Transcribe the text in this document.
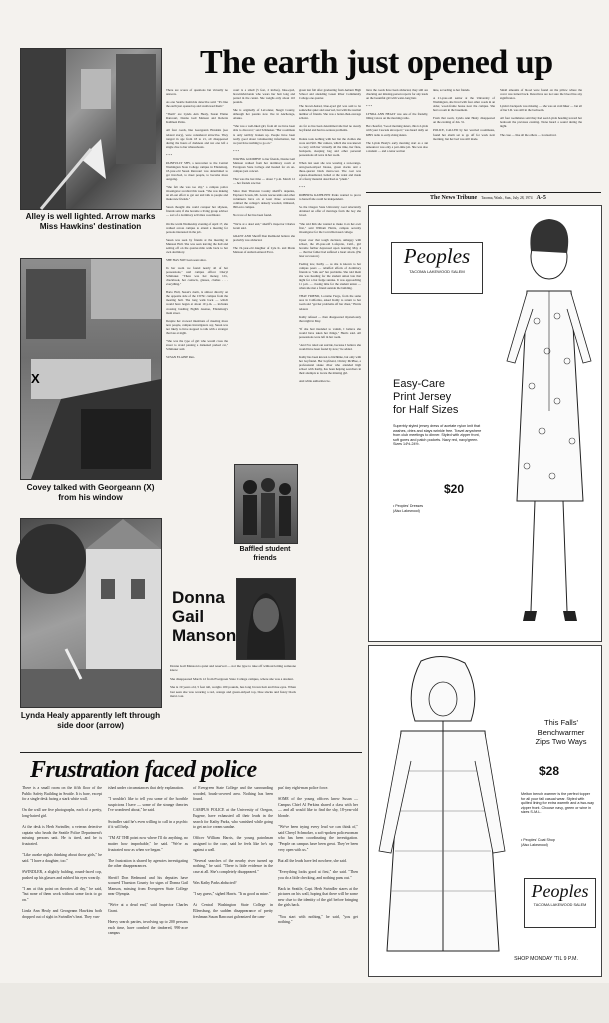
The earth just opened up
Alley is well lighted. Arrow marks Miss Hawkins' destination
X
Covey talked with Georgeann (X) from his window
Lynda Healy apparently left through side door (arrow)
There are scores of questions but virtually no answers.

As one Seattle homicide detective said: "It's like the earth just opened up and swallowed them."

"Them" are Lynda Ann Healy, Susan Elaine Rancourt, Donna Gail Manson and Roberta Kathleen Parks.

All four coeds, like Georgeann Hawkins (see related story), were considered attractive. They ranged in age from 18 to 21, all disappeared during the hours of darkness and not one left a single clue to her whereabouts.

* * *

PAINFULLY SHY, a newcomer to the Central Washington State College campus in Ellensburg, 18-year-old Susan Rancourt was determined to get involved, to meet people, to become more outgoing.

"She felt she was too shy," a campus police investigator recalled this week. "She was making an all-out effort to get out and talk to people and make new friends."

Susan thought she could conquer her shyness, friends said, if she became a living group advisor — sort of a dormitory activities coordinator.

On the warm Wednesday evening of April 17, she walked across campus to attend a meeting for persons interested in the job.

Susan was seen by friends at the meeting in Munson Hall. She was seen leaving the hall and setting off on the quarter-mile walk back to her own dormitory.

SHE HAS NOT been seen since.

In her room we found nearly all of her possessions," said campus officer Cheryl Schmoker. "There was her money, I.D., checkbook, her contacts, glasses, clothes . . . everything."

Barto Hall, Susan's dorm, is almost directly on the opposite side of the CWSC campus from the meeting hall. The long walk back — which would have begun at about 10 p.m. — includes crossing bustling Eighth Avenue, Ellensburg's main street.

Despite her avowed intentions of meeting more new people, campus investigators say, Susan was not likely to have stopped to talk with a stranger that late at night.

"She was the type of girl who would cross the street to avoid passing a darkened parked car," Schmoker said.

SUSAN ELAINE Ran-
court is a small (5 feet, 2 inches), blue-eyed, brownish-blonde who wears her hair long and parted in the center. She weighs only about 110 pounds.

She is originally of LaConner, Skagit County, although her parents now live in Anchorage, Alaska.

"She was a well-liked girl, from all we have been able to discover," said Schmoker. "Her roommate is only terribly broken up. People have been really good about volunteering information, but we just have nothing to go on."

* * *

WAVING GOODBYE to her friends, Donna Gail Manson walked from her dormitory room at Evergreen State College and headed for an on-campus jazz concert.

That was the last time — about 7 p.m. March 12 — her friends saw her.

Since then Thurston County sheriff's deputies, Explorer Scouts, Mt. Lewis rescue units and other volunteers have on at least three occasions combed the college's densely wooded, timbered, 990-acre campus.

No trace of her has been found.

"We're at a dead end," sheriff's inspector Charles Grant said.

GRANT AND Sheriff Don Redmond believe she probably was abducted.

The 19-year-old daughter of Lyle K. and Marie Manson of Auburn entered Ever-
Baffled student friends
green last fall after graduating from Auburn High School and attending Green River Community College one quarter.

The brown-haired, blue-eyed girl was said to be somewhat quiet and reserved, but with the normal number of friends. She was a better-than-average scholar.

As far as has been determined she had no steady boyfriend and had no serious problems.

Donna took nothing with her but the clothes she wore and $10. Her camera, which she was known to carry with her virtually all the time, her flute, backpack, sleeping bag and other personal possessions all were in her room.

When last seen she was wearing a red-orange-and-green-striped blouse, green slacks and a three-quarter black maxi-coat. The coat was square-shouldered, belted at the waist and made of a fuzzy material described as "plush."

* * *

ROBERTA KATHLEEN Parks wanted to prove to herself she could be independent.

So the Oregon State University coed reluctantly obtained an offer of marriage from the boy she loved.

"She told him she wanted to make it on her own first," said William Harris, campus security investigator for the Corvallis-based college.

Upset over that tough decision, unhappy with school, the 20-year-old Lafayette, Calif., girl became further depressed upon learning May 4 — that her father had suffered a heart attack. (He later recovered.)

Feeling low, Kathy — as she is known to her campus peers — rebuffed efforts of dormitory friends to "talk out" her problems. She told them she was heading for the student union late that night for a hot fudge sundae. It was approaching 11 p.m. — closing time for the student union — when she met a friend outside the building.

THAT FRIEND, Lorraine Fargo, from the same area in California, asked Kathy to return to her room and "get her problems off her chest," Harris related.

Kathy refused — then disappeared mysteriously that night in May.

"If she had intended to vanish, I believe she would have taken her things," Harris said. All possessions were left in her room.

"And I've ruled out suicide, because I believe she would have been found by now," he added.

Kathy has been known to hitchhike, but only with her boyfriend. Her boyfriend, Christy McPhee, a professional snake diver who attended high school with Kathy, has been helping searchers in their attempts to locate the missing girl.

And while authorities be-
lieve the coeds have been abducted, they still are checking out missing-person reports for any leads on the beautiful girl with waist-long hair.

* * *

LYNDA ANN HEALY was one of the friendly, lilting voices on the morning radio.

Her cheerful, "Good morning skiers, this is Lynda with your Cascade ski report," was heard daily on KBIS radio to early-rising skiers.

The Lynda Healy's early morning start as a ski announcer was only a part-time job. She was also a student — and a tenor section
nine, according to her friends.

A 21-year-old senior at the University of Washington, she lived with four other coeds in an older, wood-frame house near the campus. She had a room in the basement.

From that room, Lynda Ann Healy disappeared on the evening of Jan. 31.

POLICE, CALLED by her worried roommates, found her alarm set to go off for work next morning, but her bed was still made.
Small amounts of blood were found on the pillow where the cover was turned back. Detectives are not sure the blood has any significance.

Lynda's backpack was missing — she was an avid hiker — but all of her I.D. was still in the bedroom.

All four roommates said they had seen Lynda heading toward her bedroom the previous evening. None heard a sound during the night.

The case — like all the others — is unsolved.
The News Tribune Tacoma, Wash., Sun., July 28, 1974 A-5
Donna
Gail
Manson
Donna Gail Manson is quiet and reserved — not the type to take off without letting someone know.

She disappeared March 12 from Evergreen State College campus, where she was a student.

She is 19 years old, 5 feet tall, weighs 100 pounds, has long brown hair and blue eyes. When last seen she was wearing a red, orange and green-striped top, blue slacks and fuzzy black maxi coat.
Frustration faced police
There is a small room on the fifth floor of the Public Safety Building in Seattle. It is bare, except for a single desk facing a stark white wall.

On the wall are five photographs, each of a pretty, long-haired girl.

At the desk is Herb Swindler, a veteran detective captain who heads the Seattle Police Department's missing persons unit. He is tired, and he is frustrated.

"Like awake nights thinking about those girls," he said. "I have a daughter, too."

SWINDLER, a slightly balding, round-faced cop, pushed up his glasses and rubbed his eyes wearily.

"I am at this point on theories all day," he said, "but none of them work without some facts to go on."

Linda Ann Healy and Georgeann Hawkins both dropped out of sight in Swindler's beat. They van-
ished under circumstances that defy explanation.

"I wouldn't like to tell you some of the horrible suspicions I have — some of the strange theories I've wondered about," he said.

Swindler said he's even willing to call in a psychic if it will help.

"I'M AT THE point now where I'll do anything, no matter how improbable," he said. "We're as frustrated now as when we began."

The frustration is shared by agencies investigating the other disappearances.

Sheriff Don Redmond and his deputies have scoured Thurston County for signs of Donna Gail Manson, missing from Evergreen State College near Olympia.

"We're at a dead end," said Inspector Charles Grant.

Heavy search parties, involving up to 200 persons each time, have combed the timbered, 990-acre campus
of Evergreen State College and the surrounding wooded, brush-covered area. Nothing has been found.

CAMPUS POLICE at the University of Oregon, Eugene, have exhausted all their leads in the search for Kathy Parks, who vanished while going to get an ice cream sundae.

Officer William Harris, the young patrolman assigned to the case, said he feels like he's up against a wall.

"Several searches of the nearby river turned up nothing," he said. "There is little evidence in the case at all. She's completely disappeared."

Was Kathy Parks abducted?

"I say guess," sighed Harris. "It as good as mine."

At Central Washington State College in Ellensburg, the sudden disappearance of pretty freshman Susan Rancourt galvanized the cam-
pus' tiny eight-man police force.

SOME of the young officers knew Susan — Campus Chief Al Perkins shared a class with her — and all would like to find the shy, 18-year-old blonde.

"We've been trying every lead we can think of," said Cheryl Schmoker, a soft-spoken policewoman who has been coordinating the investigation. "People on campus have been great. They've been very open with us."

But all the leads have led nowhere, she said.

"Everything looks good at first," she said. "Then you do a little checking, and nothing pans out."

Back in Seattle, Capt. Herb Swindler stares at the pictures on his wall, hoping that there will be some new clue to the identity of the girl before bringing the girls back.

"You start with nothing," he said, "you get nothing."
Peoples
TACOMA LAKEWOOD SALEM
Easy-Care
Print Jersey
for Half Sizes
Superbly styled jersey dress of acetate nylon knit that washes, dries and stays wrinkle free. Travel anywhere from club meetings to dinner. Styled with zipper front, soft gores and patch pockets. Navy red, navy/green. Sizes 14½-24½.
$20
• Peoples' Dresses
(Also Lakewood)
This Falls'
Benchwarmer
Zips Two Ways
$28
Melton bench warmer is the perfect topper for all your fall casual wear. Styled with quilted lining for extra warmth and a two-way zipper front. Choose navy, green or wine in sizes S-M-L.
• Peoples' Coat Shop
(Also Lakewood)
Peoples
TACOMA LAKEWOOD SALEM
SHOP MONDAY 'TIL 9 P.M.
